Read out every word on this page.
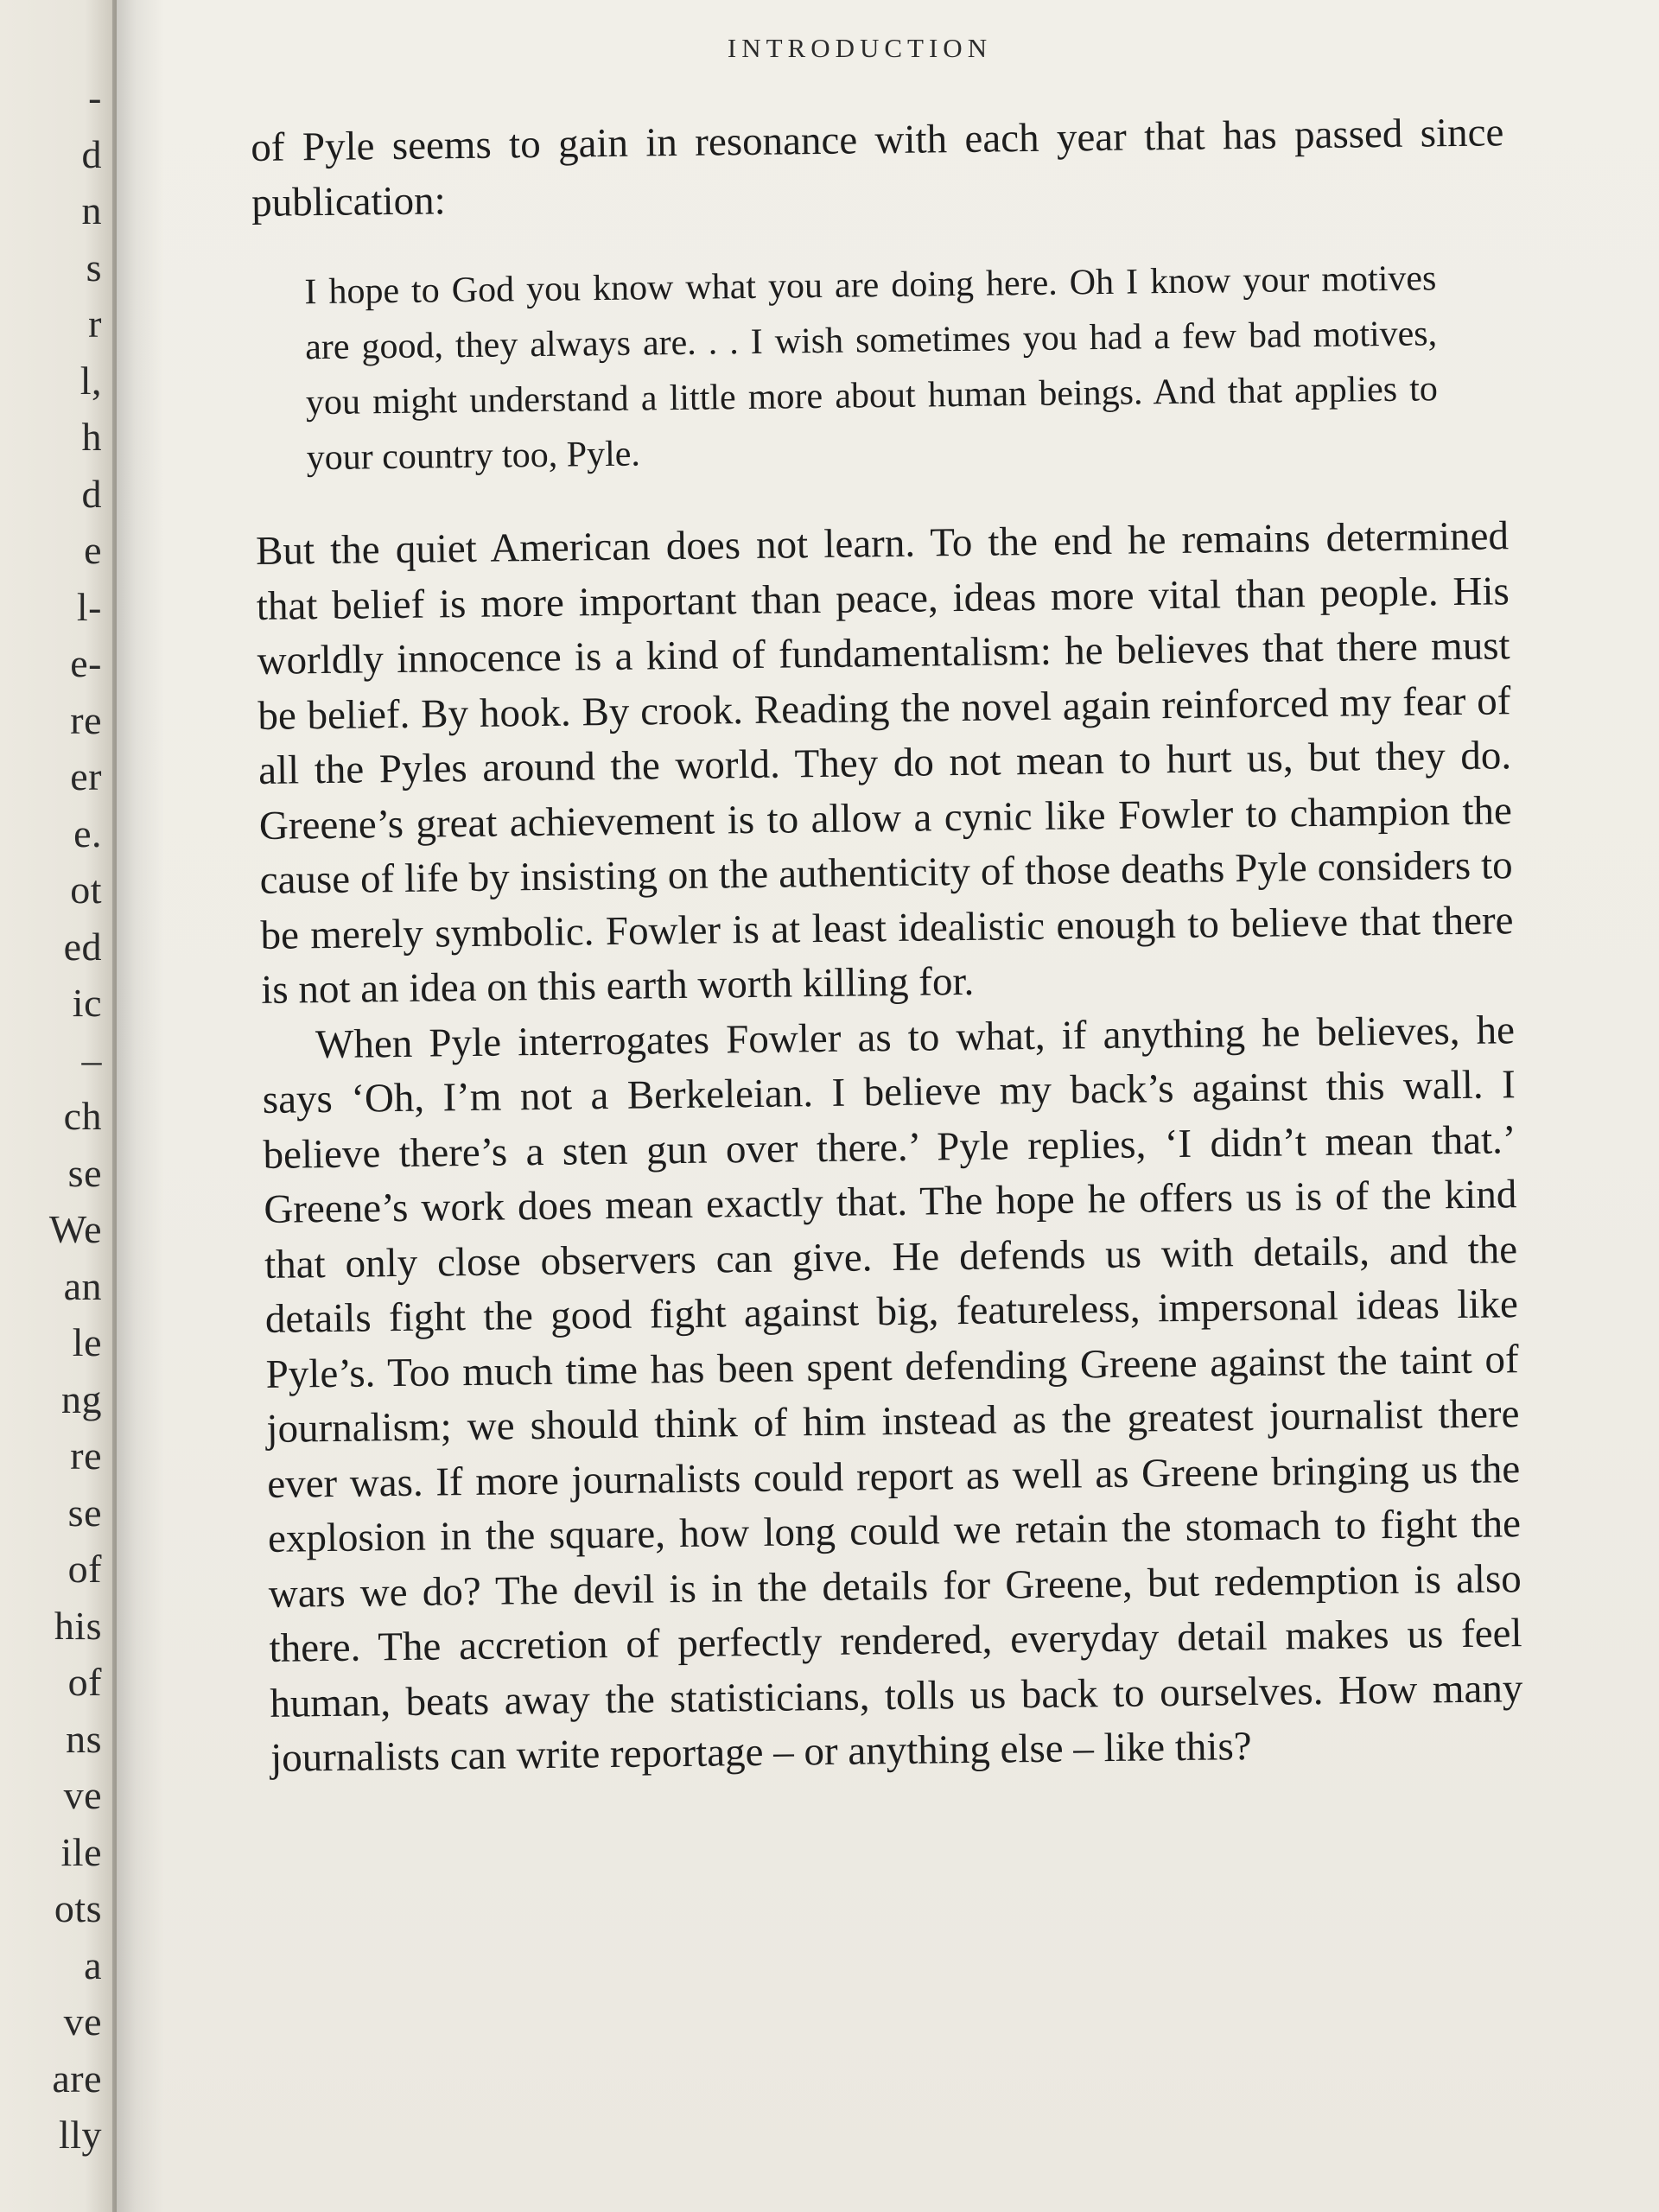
-
d
n
s
r
l,
h
d
e
l-
e-
re
er
e.
ot
ed
ic
–
ch
se
We
an
le
ng
re
se
of
his
of
ns
ve
ile
ots
a
ve
are
lly
INTRODUCTION

of Pyle seems to gain in resonance with each year that has passed since publication:

I hope to God you know what you are doing here. Oh I know your motives are good, they always are. . . I wish sometimes you had a few bad motives, you might understand a little more about human beings. And that applies to your country too, Pyle.

But the quiet American does not learn. To the end he remains determined that belief is more important than peace, ideas more vital than people. His worldly innocence is a kind of fundamentalism: he believes that there must be belief. By hook. By crook. Reading the novel again reinforced my fear of all the Pyles around the world. They do not mean to hurt us, but they do. Greene’s great achievement is to allow a cynic like Fowler to champion the cause of life by insisting on the authenticity of those deaths Pyle considers to be merely symbolic. Fowler is at least idealistic enough to believe that there is not an idea on this earth worth killing for.

When Pyle interrogates Fowler as to what, if anything he believes, he says ‘Oh, I’m not a Berkeleian. I believe my back’s against this wall. I believe there’s a sten gun over there.’ Pyle replies, ‘I didn’t mean that.’ Greene’s work does mean exactly that. The hope he offers us is of the kind that only close observers can give. He defends us with details, and the details fight the good fight against big, featureless, impersonal ideas like Pyle’s. Too much time has been spent defending Greene against the taint of journalism; we should think of him instead as the greatest journalist there ever was. If more journalists could report as well as Greene bringing us the explosion in the square, how long could we retain the stomach to fight the wars we do? The devil is in the details for Greene, but redemption is also there. The accretion of perfectly rendered, everyday detail makes us feel human, beats away the statisticians, tolls us back to ourselves. How many journalists can write reportage – or anything else – like this?
